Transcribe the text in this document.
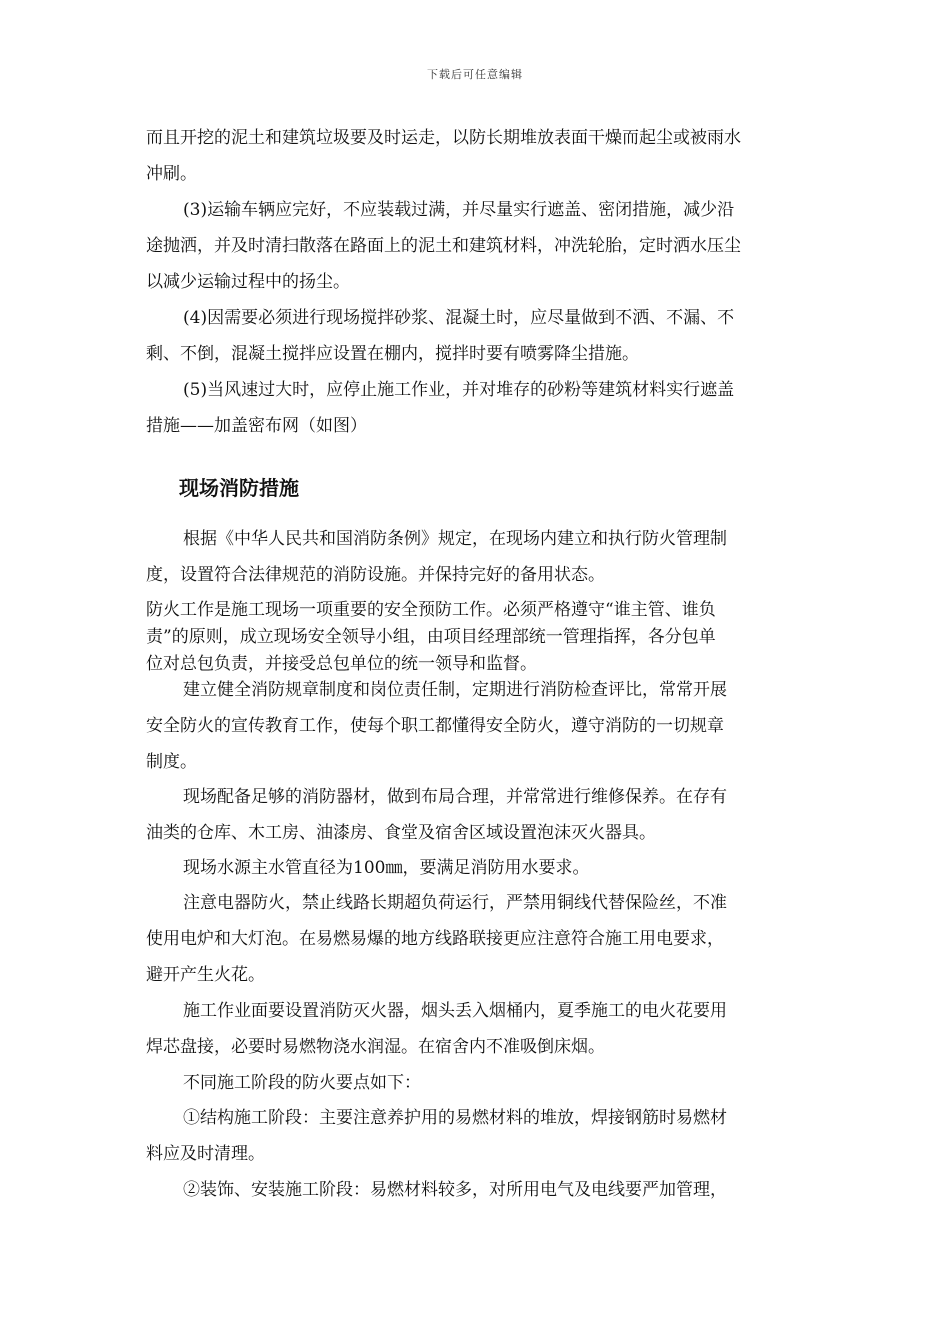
下载后可任意编辑
而且开挖的泥土和建筑垃圾要及时运走，以防长期堆放表面干燥而起尘或被雨水
冲刷。
(3)运输车辆应完好，不应装载过满，并尽量实行遮盖、密闭措施，减少沿
途抛洒，并及时清扫散落在路面上的泥土和建筑材料，冲洗轮胎，定时洒水压尘
以减少运输过程中的扬尘。
(4)因需要必须进行现场搅拌砂浆、混凝土时，应尽量做到不洒、不漏、不
剩、不倒，混凝土搅拌应设置在棚内，搅拌时要有喷雾降尘措施。
(5)当风速过大时，应停止施工作业，并对堆存的砂粉等建筑材料实行遮盖
措施——加盖密布网（如图）
现场消防措施
根据《中华人民共和国消防条例》规定，在现场内建立和执行防火管理制
度，设置符合法律规范的消防设施。并保持完好的备用状态。
防火工作是施工现场一项重要的安全预防工作。必须严格遵守“谁主管、谁负
责”的原则，成立现场安全领导小组，由项目经理部统一管理指挥，各分包单
位对总包负责，并接受总包单位的统一领导和监督。
建立健全消防规章制度和岗位责任制，定期进行消防检查评比，常常开展
安全防火的宣传教育工作，使每个职工都懂得安全防火，遵守消防的一切规章
制度。
现场配备足够的消防器材，做到布局合理，并常常进行维修保养。在存有
油类的仓库、木工房、油漆房、食堂及宿舍区域设置泡沫灭火器具。
现场水源主水管直径为100㎜，要满足消防用水要求。
注意电器防火，禁止线路长期超负荷运行，严禁用铜线代替保险丝，不准
使用电炉和大灯泡。在易燃易爆的地方线路联接更应注意符合施工用电要求，
避开产生火花。
施工作业面要设置消防灭火器，烟头丢入烟桶内，夏季施工的电火花要用
焊芯盘接，必要时易燃物浇水润湿。在宿舍内不准吸倒床烟。
不同施工阶段的防火要点如下：
①结构施工阶段：主要注意养护用的易燃材料的堆放，焊接钢筋时易燃材
料应及时清理。
②装饰、安装施工阶段：易燃材料较多，对所用电气及电线要严加管理，
